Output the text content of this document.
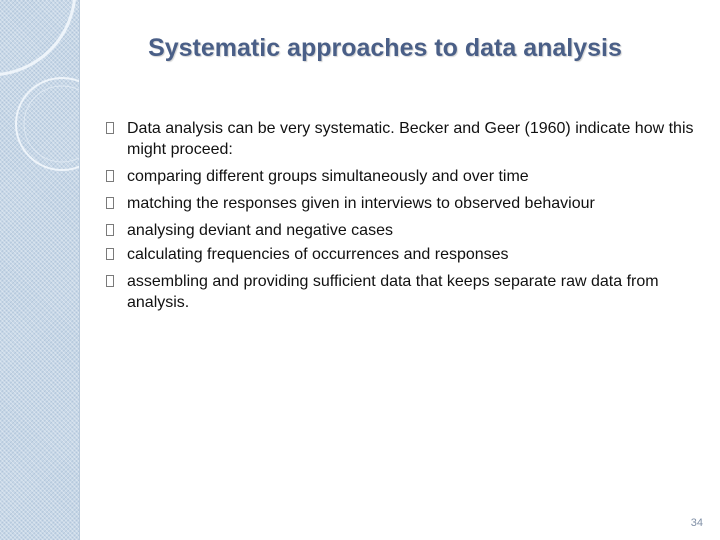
Systematic approaches to data analysis
Data analysis can be very systematic. Becker and Geer (1960) indicate how this might proceed:
comparing different groups simultaneously and over time
matching the responses given in interviews to observed behaviour
analysing deviant and negative cases
calculating frequencies of occurrences and responses
assembling and providing sufficient data that keeps separate raw data from analysis.
34
